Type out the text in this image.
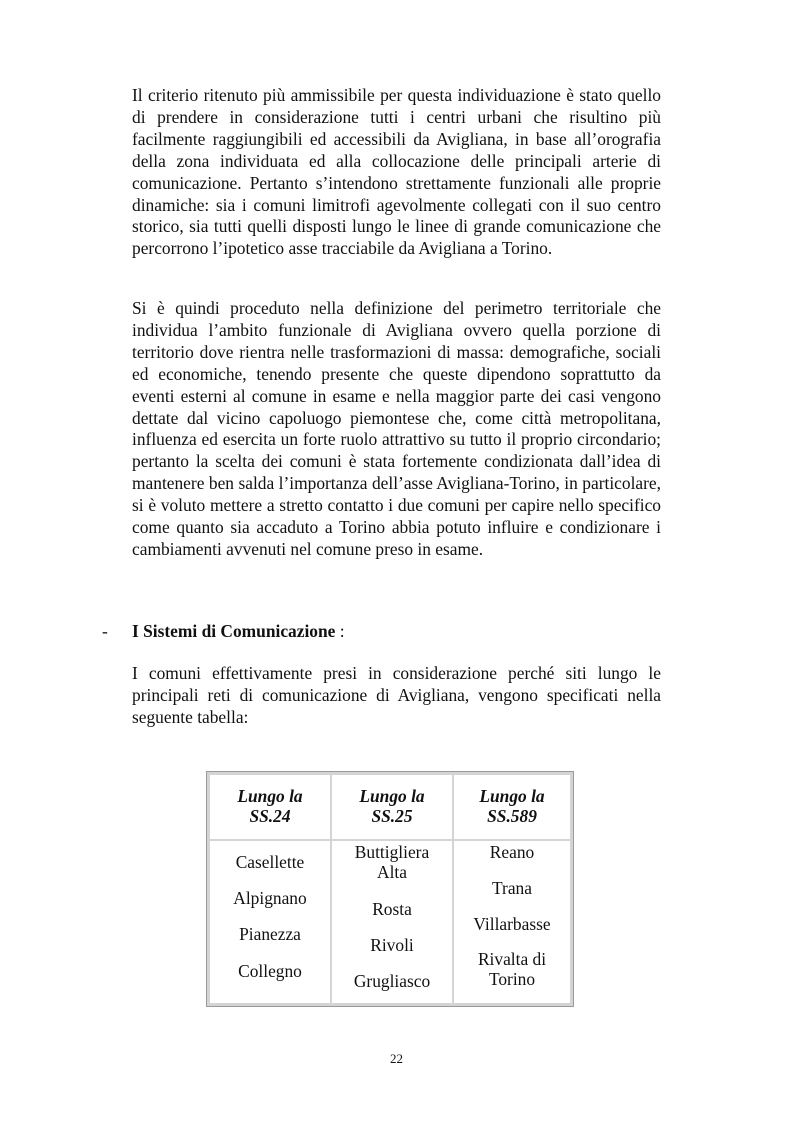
Il criterio ritenuto più ammissibile per questa individuazione è stato quello di prendere in considerazione tutti i centri urbani che risultino più facilmente raggiungibili ed accessibili da Avigliana, in base all’orografia della zona individuata ed alla collocazione delle principali arterie di comunicazione. Pertanto s’intendono strettamente funzionali alle proprie dinamiche: sia i comuni limitrofi agevolmente collegati con il suo centro storico, sia tutti quelli disposti lungo le linee di grande comunicazione che percorrono l’ipotetico asse tracciabile da Avigliana a Torino.

Si è quindi proceduto nella definizione del perimetro territoriale che individua l’ambito funzionale di Avigliana ovvero quella porzione di territorio dove rientra nelle trasformazioni di massa: demografiche, sociali ed economiche, tenendo presente che queste dipendono soprattutto da eventi esterni al comune in esame e nella maggior parte dei casi vengono dettate dal vicino capoluogo piemontese che, come città metropolitana, influenza ed esercita un forte ruolo attrattivo su tutto il proprio circondario; pertanto la scelta dei comuni è stata fortemente condizionata dall’idea di mantenere ben salda l’importanza dell’asse Avigliana-Torino, in particolare, si è voluto mettere a stretto contatto i due comuni per capire nello specifico come quanto sia accaduto a Torino abbia potuto influire e condizionare i cambiamenti avvenuti nel comune preso in esame.

- I Sistemi di Comunicazione :

I comuni effettivamente presi in considerazione perché siti lungo le principali reti di comunicazione di Avigliana, vengono specificati nella seguente tabella:

Lungo la
SS.24
Lungo la
SS.25
Lungo la
SS.589
Casellette
Alpignano
Pianezza
Collegno
Buttigliera Alta
Rosta
Rivoli
Grugliasco
Reano
Trana
Villarbasse
Rivalta di Torino
22
